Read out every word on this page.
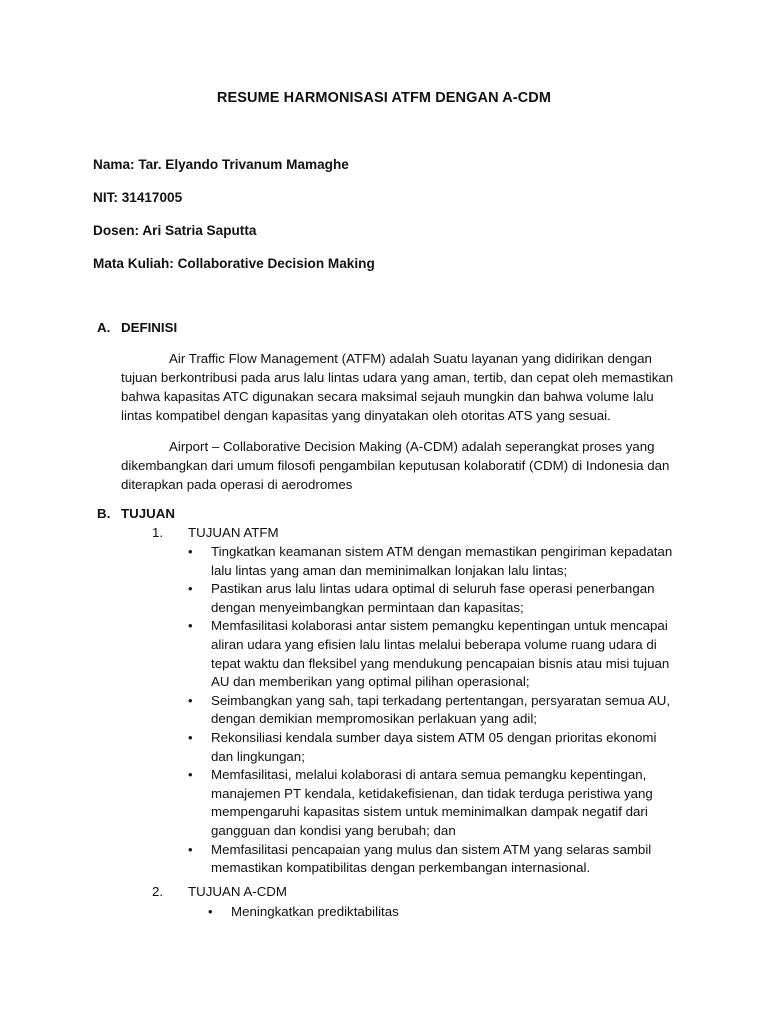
RESUME HARMONISASI ATFM DENGAN A-CDM
Nama: Tar. Elyando Trivanum Mamaghe
NIT: 31417005
Dosen: Ari Satria Saputta
Mata Kuliah: Collaborative Decision Making
A. DEFINISI
Air Traffic Flow Management (ATFM) adalah Suatu layanan yang didirikan dengan tujuan berkontribusi pada arus lalu lintas udara yang aman, tertib, dan cepat oleh memastikan bahwa kapasitas ATC digunakan secara maksimal sejauh mungkin dan bahwa volume lalu lintas kompatibel dengan kapasitas yang dinyatakan oleh otoritas ATS yang sesuai.
Airport – Collaborative Decision Making (A-CDM) adalah seperangkat proses yang dikembangkan dari umum filosofi pengambilan keputusan kolaboratif (CDM) di Indonesia dan diterapkan pada operasi di aerodromes
B. TUJUAN
1. TUJUAN ATFM
• Tingkatkan keamanan sistem ATM dengan memastikan pengiriman kepadatan lalu lintas yang aman dan meminimalkan lonjakan lalu lintas;
• Pastikan arus lalu lintas udara optimal di seluruh fase operasi penerbangan dengan menyeimbangkan permintaan dan kapasitas;
• Memfasilitasi kolaborasi antar sistem pemangku kepentingan untuk mencapai aliran udara yang efisien lalu lintas melalui beberapa volume ruang udara di tepat waktu dan fleksibel yang mendukung pencapaian bisnis atau misi tujuan AU dan memberikan yang optimal pilihan operasional;
• Seimbangkan yang sah, tapi terkadang pertentangan, persyaratan semua AU, dengan demikian mempromosikan perlakuan yang adil;
• Rekonsiliasi kendala sumber daya sistem ATM 05 dengan prioritas ekonomi dan lingkungan;
• Memfasilitasi, melalui kolaborasi di antara semua pemangku kepentingan, manajemen PT kendala, ketidakefisienan, dan tidak terduga peristiwa yang mempengaruhi kapasitas sistem untuk meminimalkan dampak negatif dari gangguan dan kondisi yang berubah; dan
• Memfasilitasi pencapaian yang mulus dan sistem ATM yang selaras sambil memastikan kompatibilitas dengan perkembangan internasional.
2. TUJUAN A-CDM
• Meningkatkan prediktabilitas
